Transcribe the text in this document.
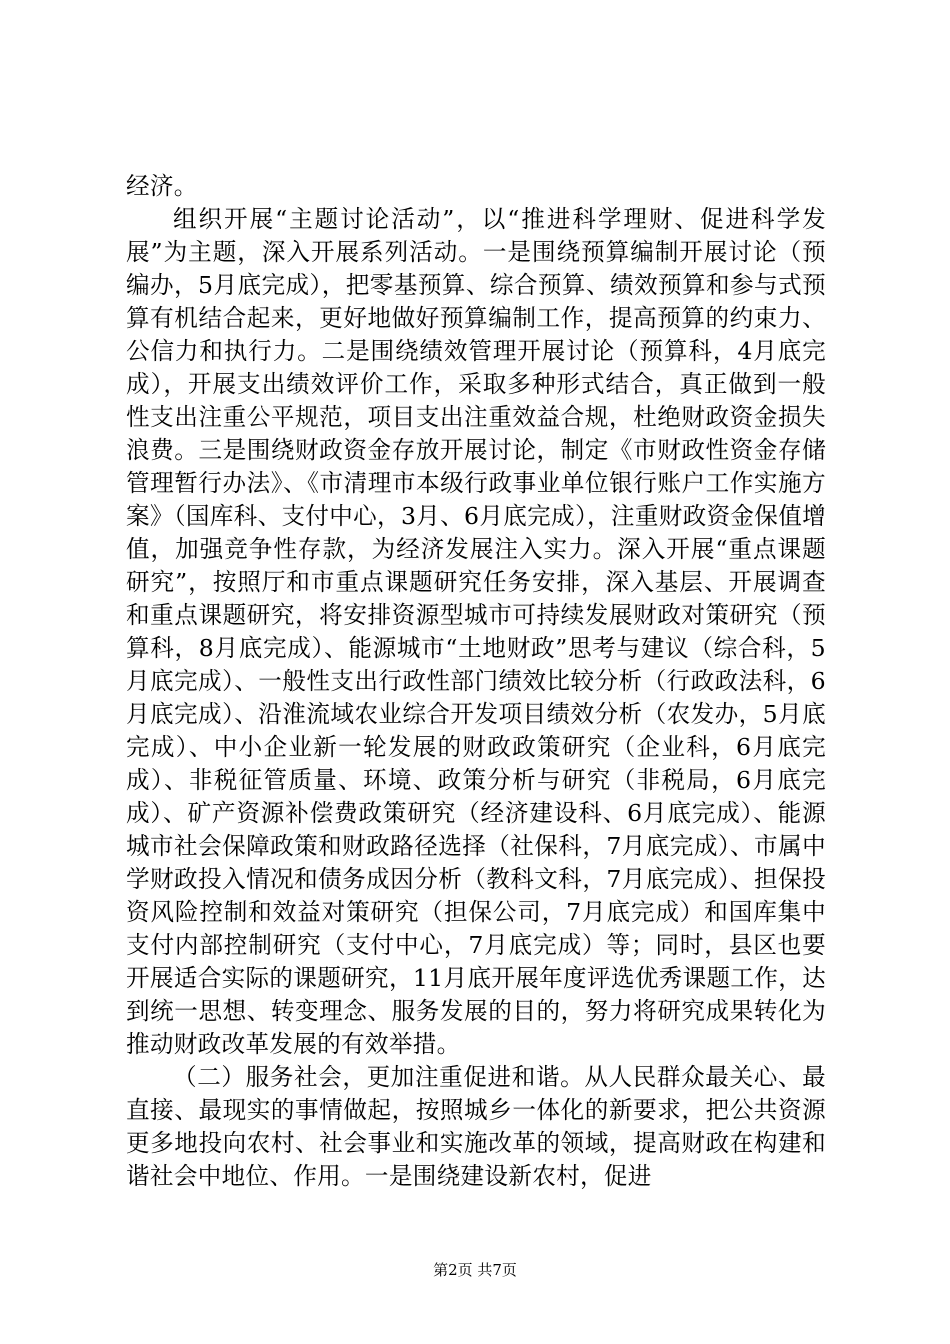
经济。

组织开展“主题讨论活动”，以“推进科学理财、促进科学发展”为主题，深入开展系列活动。一是围绕预算编制开展讨论（预编办，5月底完成），把零基预算、综合预算、绩效预算和参与式预算有机结合起来，更好地做好预算编制工作，提高预算的约束力、公信力和执行力。二是围绕绩效管理开展讨论（预算科，4月底完成），开展支出绩效评价工作，采取多种形式结合，真正做到一般性支出注重公平规范，项目支出注重效益合规，杜绝财政资金损失浪费。三是围绕财政资金存放开展讨论，制定《市财政性资金存储管理暂行办法》、《市清理市本级行政事业单位银行账户工作实施方案》（国库科、支付中心，3月、6月底完成），注重财政资金保值增值，加强竞争性存款，为经济发展注入实力。深入开展“重点课题研究”，按照厅和市重点课题研究任务安排，深入基层、开展调查和重点课题研究，将安排资源型城市可持续发展财政对策研究（预算科，8月底完成）、能源城市“土地财政”思考与建议（综合科，5月底完成）、一般性支出行政性部门绩效比较分析（行政政法科，6月底完成）、沿淮流域农业综合开发项目绩效分析（农发办，5月底完成）、中小企业新一轮发展的财政政策研究（企业科，6月底完成）、非税征管质量、环境、政策分析与研究（非税局，6月底完成）、矿产资源补偿费政策研究（经济建设科、6月底完成）、能源城市社会保障政策和财政路径选择（社保科，7月底完成）、市属中学财政投入情况和债务成因分析（教科文科，7月底完成）、担保投资风险控制和效益对策研究（担保公司，7月底完成）和国库集中支付内部控制研究（支付中心，7月底完成）等；同时，县区也要开展适合实际的课题研究，11月底开展年度评选优秀课题工作，达到统一思想、转变理念、服务发展的目的，努力将研究成果转化为推动财政改革发展的有效举措。

（二）服务社会，更加注重促进和谐。从人民群众最关心、最直接、最现实的事情做起，按照城乡一体化的新要求，把公共资源更多地投向农村、社会事业和实施改革的领域，提高财政在构建和谐社会中地位、作用。一是围绕建设新农村，促进

第2页 共7页
